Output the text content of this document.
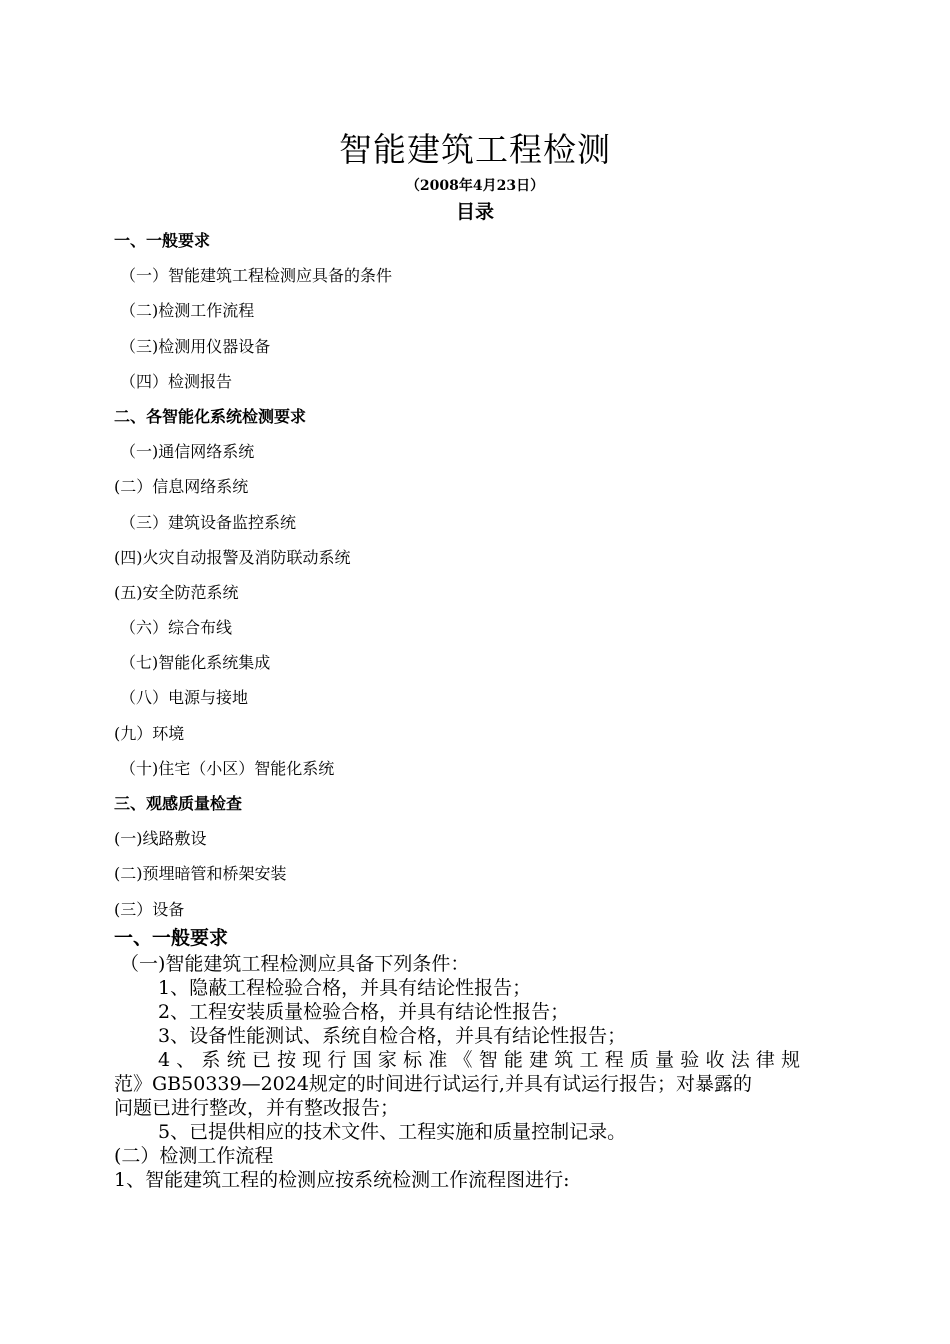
智能建筑工程检测
（2008年4月23日）
目录
一、一般要求
（一）智能建筑工程检测应具备的条件
（二)检测工作流程
（三)检测用仪器设备
（四）检测报告
二、各智能化系统检测要求
（一)通信网络系统
(二）信息网络系统
（三）建筑设备监控系统
(四)火灾自动报警及消防联动系统
(五)安全防范系统
（六）综合布线
（七)智能化系统集成
（八）电源与接地
(九）环境
（十)住宅（小区）智能化系统
三、观感质量检查
(一)线路敷设
(二)预埋暗管和桥架安装
(三）设备
一、一般要求
（一)智能建筑工程检测应具备下列条件：
1、隐蔽工程检验合格，并具有结论性报告；
2、工程安装质量检验合格，并具有结论性报告；
3、设备性能测试、系统自检合格，并具有结论性报告；
4、系统已按现行国家标准《智能建筑工程质量验收法律规
范》GB50339—2024规定的时间进行试运行,并具有试运行报告；对暴露的
问题已进行整改，并有整改报告；
5、已提供相应的技术文件、工程实施和质量控制记录。
(二）检测工作流程
1、智能建筑工程的检测应按系统检测工作流程图进行:
